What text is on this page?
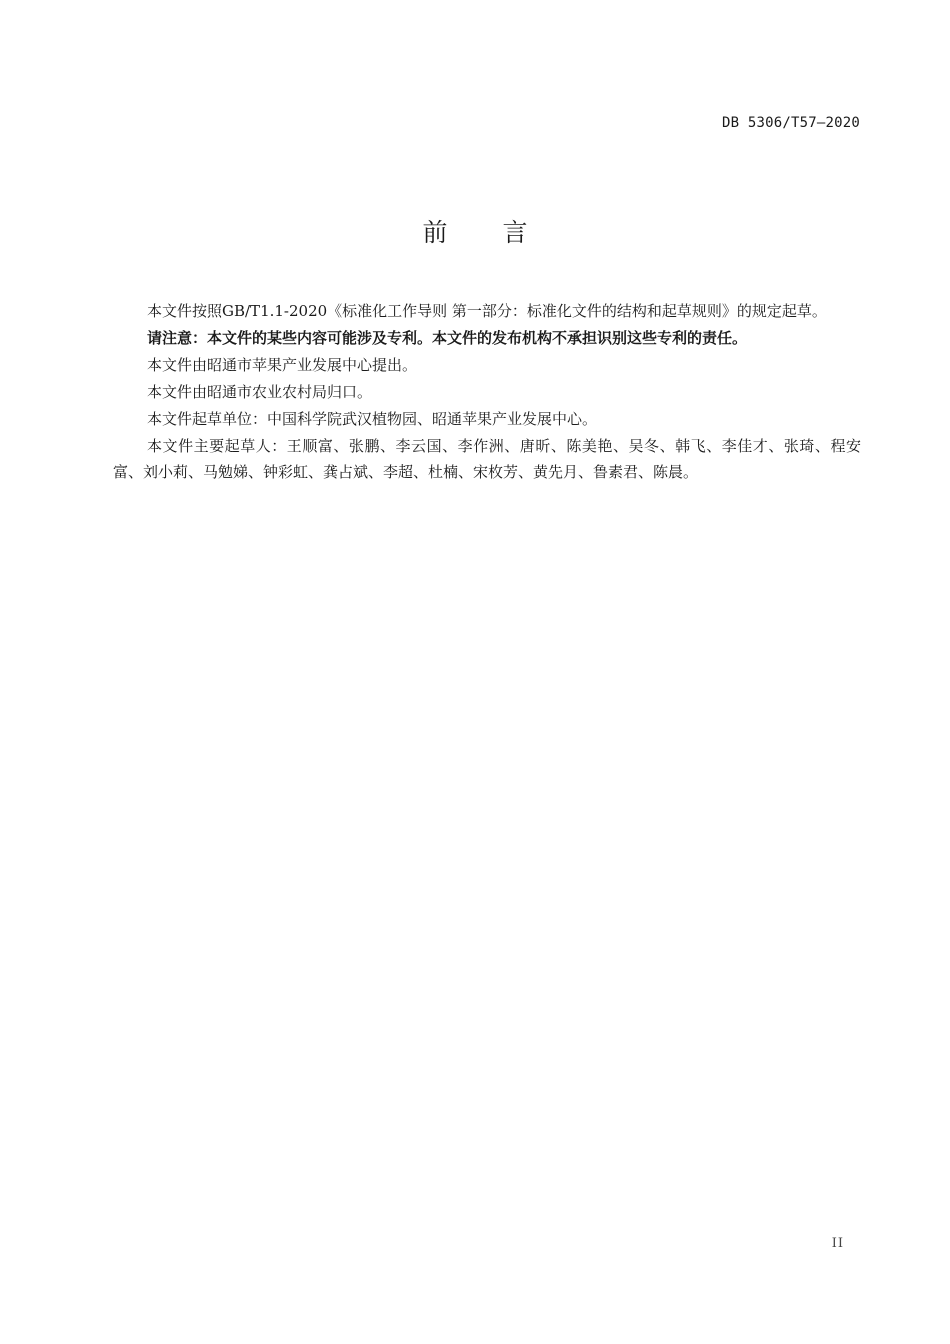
DB 5306/T57—2020
前言

本文件按照GB/T1.1-2020《标准化工作导则 第一部分：标准化文件的结构和起草规则》的规定起草。

请注意：本文件的某些内容可能涉及专利。本文件的发布机构不承担识别这些专利的责任。

本文件由昭通市苹果产业发展中心提出。

本文件由昭通市农业农村局归口。

本文件起草单位：中国科学院武汉植物园、昭通苹果产业发展中心。

本文件主要起草人：王顺富、张鹏、李云国、李作洲、唐昕、陈美艳、吴冬、韩飞、李佳才、张琦、程安富、刘小莉、马勉娣、钟彩虹、龚占斌、李超、杜楠、宋枚芳、黄先月、鲁素君、陈晨。

II
